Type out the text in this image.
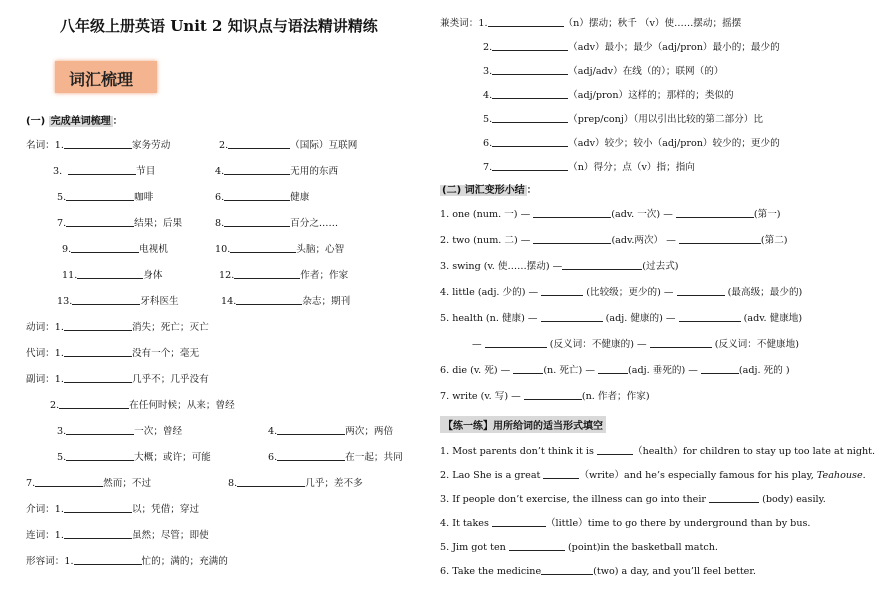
八年级上册英语 Unit 2 知识点与语法精讲精练
词汇梳理
(一) 完成单词梳理 ：
名词：1.	家务劳动	2.	（国际）互联网
3.	节目	4.	无用的东西
5.	咖啡	6.	健康
7.	结果；后果	8.	百分之……
9.	电视机	10.	头脑；心智
11.	身体	12.	作者；作家
13.	牙科医生	14.	杂志；期刊
动词：1.	消失；死亡；灭亡
代词：1.	没有一个；毫无
副词：1.	几乎不；几乎没有
2.	在任何时候；从来；曾经
3.	一次；曾经	4.	两次；两倍
5.	大概；或许；可能	6.	在一起；共同
7.	然而；不过	8.	几乎；差不多
介词：1.	以；凭借；穿过
连词：1.	虽然；尽管；即使
形容词：1.	忙的；满的；充满的
兼类词：1.	（n）摆动；秋千 （v）使……摆动；摇摆
2.	（adv）最小；最少（adj/pron）最小的；最少的
3.	（adj/adv）在线（的）；联网（的）
4.	（adj/pron）这样的；那样的；类似的
5.	（prep/conj）（用以引出比较的第二部分）比
6.	（adv）较少；较小（adj/pron）较少的；更少的
7.	（n）得分；点（v）指；指向
(二) 词汇变形小结 ：
1. one (num. 一) —	(adv. 一次) —	(第一)
2. two (num. 二) —	(adv.两次） —	(第二)
3. swing (v. 使……摆动) —	(过去式)
4. little (adj. 少的) —	(比较级；更少的) —	(最高级；最少的)
5. health (n. 健康) —	(adj. 健康的) —	(adv. 健康地)
—	(反义词：不健康的) —	(反义词：不健康地)
6. die (v. 死) —	(n. 死亡) —	(adj. 垂死的) —	(adj. 死的 )
7. write (v. 写) —	(n. 作者；作家)
【练一练】用所给词的适当形式填空
1. Most parents don’t think it is	（health）for children to stay up too late at night.
2. Lao She is a great	（write）and he’s especially famous for his play, Teahouse.
3. If people don’t exercise, the illness can go into their	(body) easily.
4. It takes	（little）time to go there by underground than by bus.
5. Jim got ten	(point)in the basketball match.
6. Take the medicine	(two) a day, and you’ll feel better.
